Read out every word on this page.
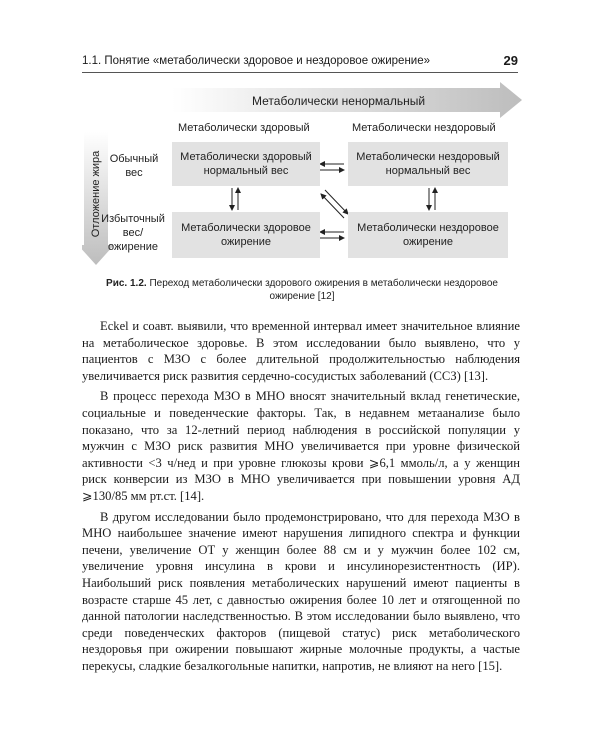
1.1. Понятие «метаболически здоровое и нездоровое ожирение»	29
Метаболически ненормальный
Отложение жира
Метаболически здоровый	Метаболически нездоровый
Обычный вес
Избыточный вес/ ожирение
Метаболически здоровый нормальный вес
Метаболически нездоровый нормальный вес
Метаболически здоровое ожирение
Метаболически нездоровое ожирение
Рис. 1.2. Переход метаболически здорового ожирения в метаболически нездоровое ожирение [12]

Eckel и соавт. выявили, что временной интервал имеет значительное влияние на метаболическое здоровье. В этом исследовании было выявлено, что у пациентов с МЗО с более длительной продолжительностью наблюдения увеличивается риск развития сердечно-сосудистых заболеваний (ССЗ) [13].

В процесс перехода МЗО в МНО вносят значительный вклад генетические, социальные и поведенческие факторы. Так, в недавнем метаанализе было показано, что за 12-летний период наблюдения в российской популяции у мужчин с МЗО риск развития МНО увеличивается при уровне физической активности <3 ч/нед и при уровне глюкозы крови ⩾6,1 ммоль/л, а у женщин риск конверсии из МЗО в МНО увеличивается при повышении уровня АД ⩾130/85 мм рт.ст. [14].

В другом исследовании было продемонстрировано, что для перехода МЗО в МНО наибольшее значение имеют нарушения липидного спектра и функции печени, увеличение ОТ у женщин более 88 см и у мужчин более 102 см, увеличение уровня инсулина в крови и инсулинорезистентность (ИР). Наибольший риск появления метаболических нарушений имеют пациенты в возрасте старше 45 лет, с давностью ожирения более 10 лет и отягощенной по данной патологии наследственностью. В этом исследовании было выявлено, что среди поведенческих факторов (пищевой статус) риск метаболического нездоровья при ожирении повышают жирные молочные продукты, а частые перекусы, сладкие безалкогольные напитки, напротив, не влияют на него [15].
